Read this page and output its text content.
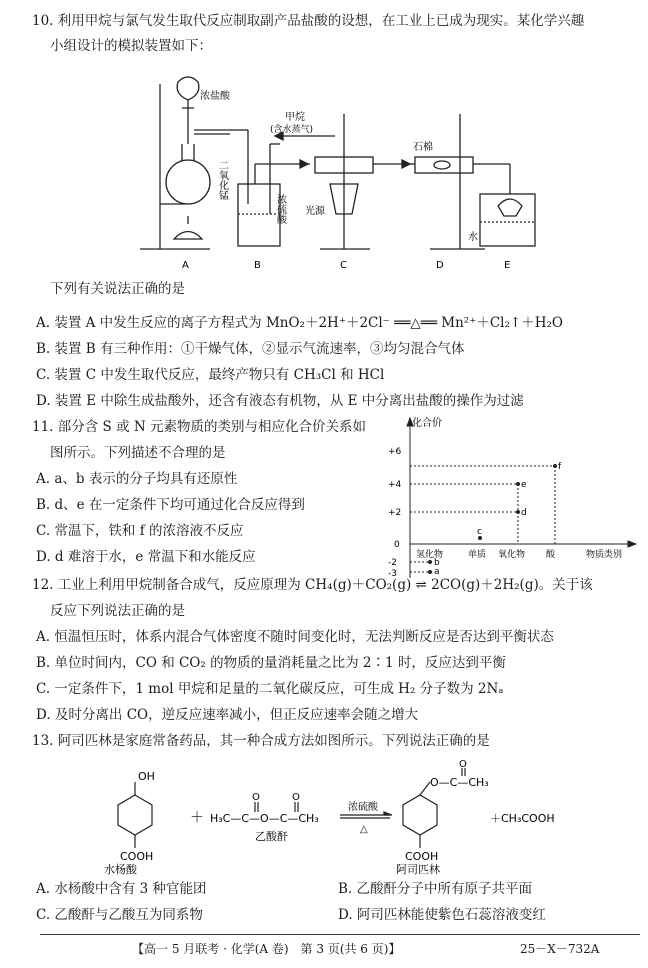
10. 利用甲烷与氯气发生取代反应制取副产品盐酸的设想，在工业上已成为现实。某化学兴趣
小组设计的模拟装置如下：
浓盐酸
甲烷
(含水蒸气)
二氧化锰
浓硫酸 光源
石棉
水
A	B	C	D	E
下列有关说法正确的是
A. 装置 A 中发生反应的离子方程式为 MnO₂＋2H⁺＋2Cl⁻ ══△══ Mn²⁺＋Cl₂↑＋H₂O
B. 装置 B 有三种作用：①干燥气体，②显示气流速率，③均匀混合气体
C. 装置 C 中发生取代反应，最终产物只有 CH₃Cl 和 HCl
D. 装置 E 中除生成盐酸外，还含有液态有机物，从 E 中分离出盐酸的操作为过滤
11. 部分含 S 或 N 元素物质的类别与相应化合价关系如
图所示。下列描述不合理的是
A. a、b 表示的分子均具有还原性
B. d、e 在一定条件下均可通过化合反应得到
C. 常温下，铁和 f 的浓溶液不反应
D. d 难溶于水，e 常温下和水能反应
化合价
物质类别
+6
+4
+2
0
-2
-3
氢化物	单质 氧化物 酸
a
b
c
d
e
f
12. 工业上利用甲烷制备合成气，反应原理为 CH₄(g)＋CO₂(g) ⇌ 2CO(g)＋2H₂(g)。关于该
反应下列说法正确的是
A. 恒温恒压时，体系内混合气体密度不随时间变化时，无法判断反应是否达到平衡状态
B. 单位时间内，CO 和 CO₂ 的物质的量消耗量之比为 2∶1 时，反应达到平衡
C. 一定条件下，1 mol 甲烷和足量的二氧化碳反应，可生成 H₂ 分子数为 2Nₐ
D. 及时分离出 CO，逆反应速率减小，但正反应速率会随之增大
13. 阿司匹林是家庭常备药品，其一种合成方法如图所示。下列说法正确的是
OH
COOH
水杨酸
＋
O	O
H₃C—C—O—C—CH₃
乙酸酐
浓硫酸
△
O
O—C—CH₃
COOH
阿司匹林
＋CH₃COOH
A. 水杨酸中含有 3 种官能团	B. 乙酸酐分子中所有原子共平面
C. 乙酸酐与乙酸互为同系物	D. 阿司匹林能使紫色石蕊溶液变红
【高一 5 月联考 · 化学(A 卷)　第 3 页(共 6 页)】	25－X－732A
